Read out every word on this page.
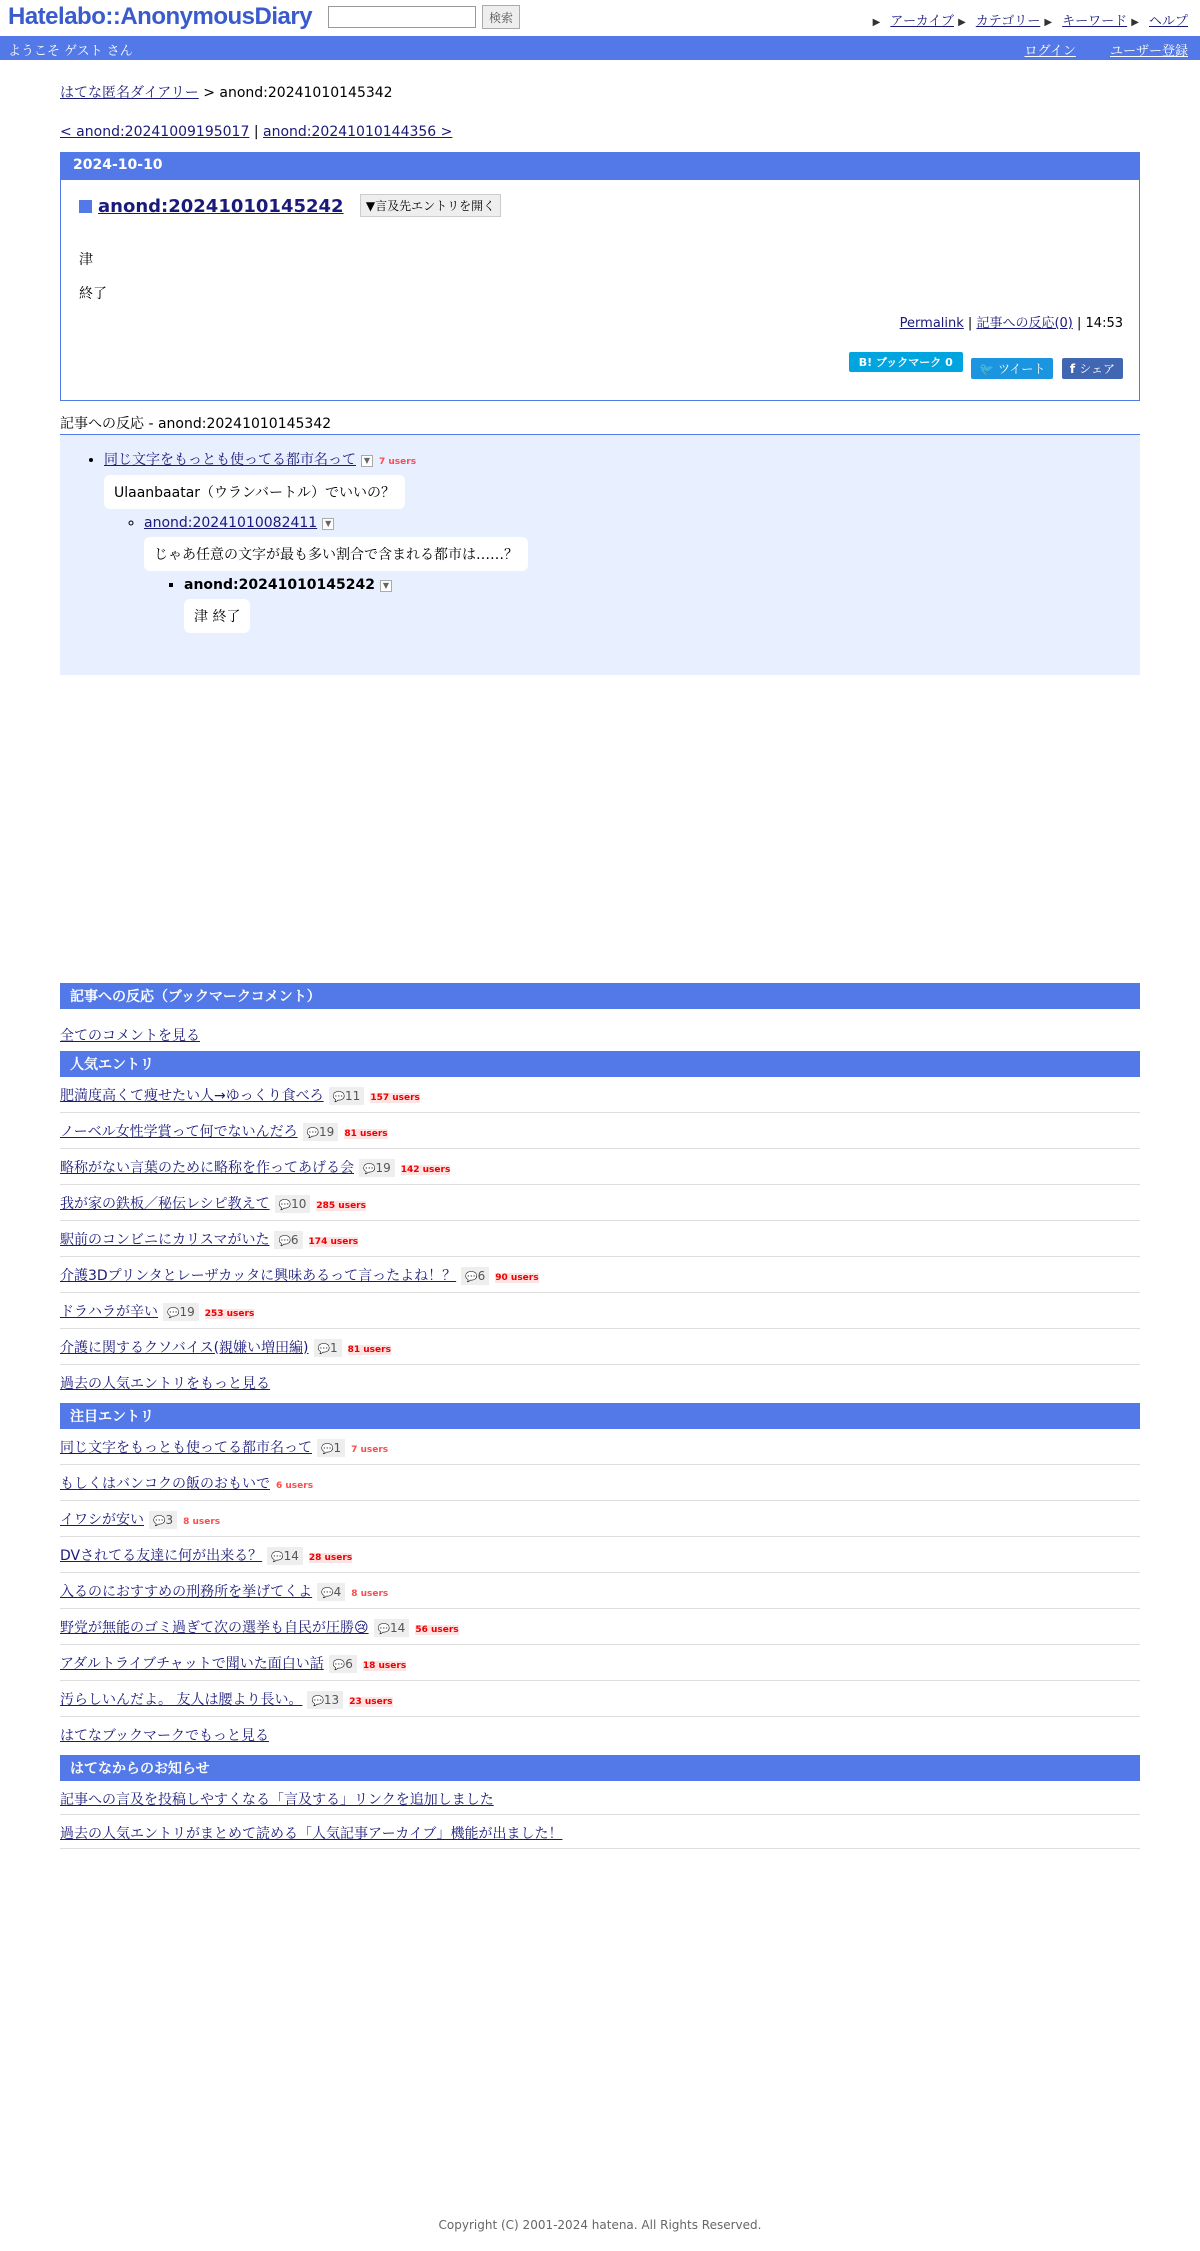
Hatelabo::AnonymousDiary	検索	▶ アーカイブ ▶ カテゴリー ▶ キーワード ▶ ヘルプ
ようこそ ゲスト さん	ログイン	ユーザー登録
はてな匿名ダイアリー > anond:20241010145342
< anond:20241009195017 | anond:20241010144356 >
2024-10-10
anond:20241010145242 ▼言及先エントリを開く
津
終了
Permalink | 記事への反応(0) | 14:53
B! ブックマーク 0 🐦 ツイート f シェア
記事への反応 - anond:20241010145342
• 同じ文字をもっとも使ってる都市名って ▼ 7 users
Ulaanbaatar（ウランバートル）でいいの？
◦ anond:20241010082411 ▼
じゃあ任意の文字が最も多い割合で含まれる都市は……？
▪ anond:20241010145242 ▼
津 終了
記事への反応（ブックマークコメント）
全てのコメントを見る
人気エントリ
肥満度高くて痩せたい人→ゆっくり食べろ 💬11 157 users
ノーベル女性学賞って何でないんだろ 💬19 81 users
略称がない言葉のために略称を作ってあげる会 💬19 142 users
我が家の鉄板／秘伝レシピ教えて 💬10 285 users
駅前のコンビニにカリスマがいた 💬6 174 users
介護3Dプリンタとレーザカッタに興味あるって言ったよね！？ 💬6 90 users
ドラハラが辛い 💬19 253 users
介護に関するクソバイス(親嫌い増田編) 💬1 81 users
過去の人気エントリをもっと見る
注目エントリ
同じ文字をもっとも使ってる都市名って 💬1 7 users
もしくはバンコクの飯のおもいで 6 users
イワシが安い 💬3 8 users
DVされてる友達に何が出来る？ 💬14 28 users
入るのにおすすめの刑務所を挙げてくよ 💬4 8 users
野党が無能のゴミ過ぎて次の選挙も自民が圧勝😢 💬14 56 users
アダルトライブチャットで聞いた面白い話 💬6 18 users
汚らしいんだよ。 友人は腰より長い。 💬13 23 users
はてなブックマークでもっと見る
はてなからのお知らせ
記事への言及を投稿しやすくなる「言及する」リンクを追加しました
過去の人気エントリがまとめて読める「人気記事アーカイブ」機能が出ました！
Copyright (C) 2001-2024 hatena. All Rights Reserved.
